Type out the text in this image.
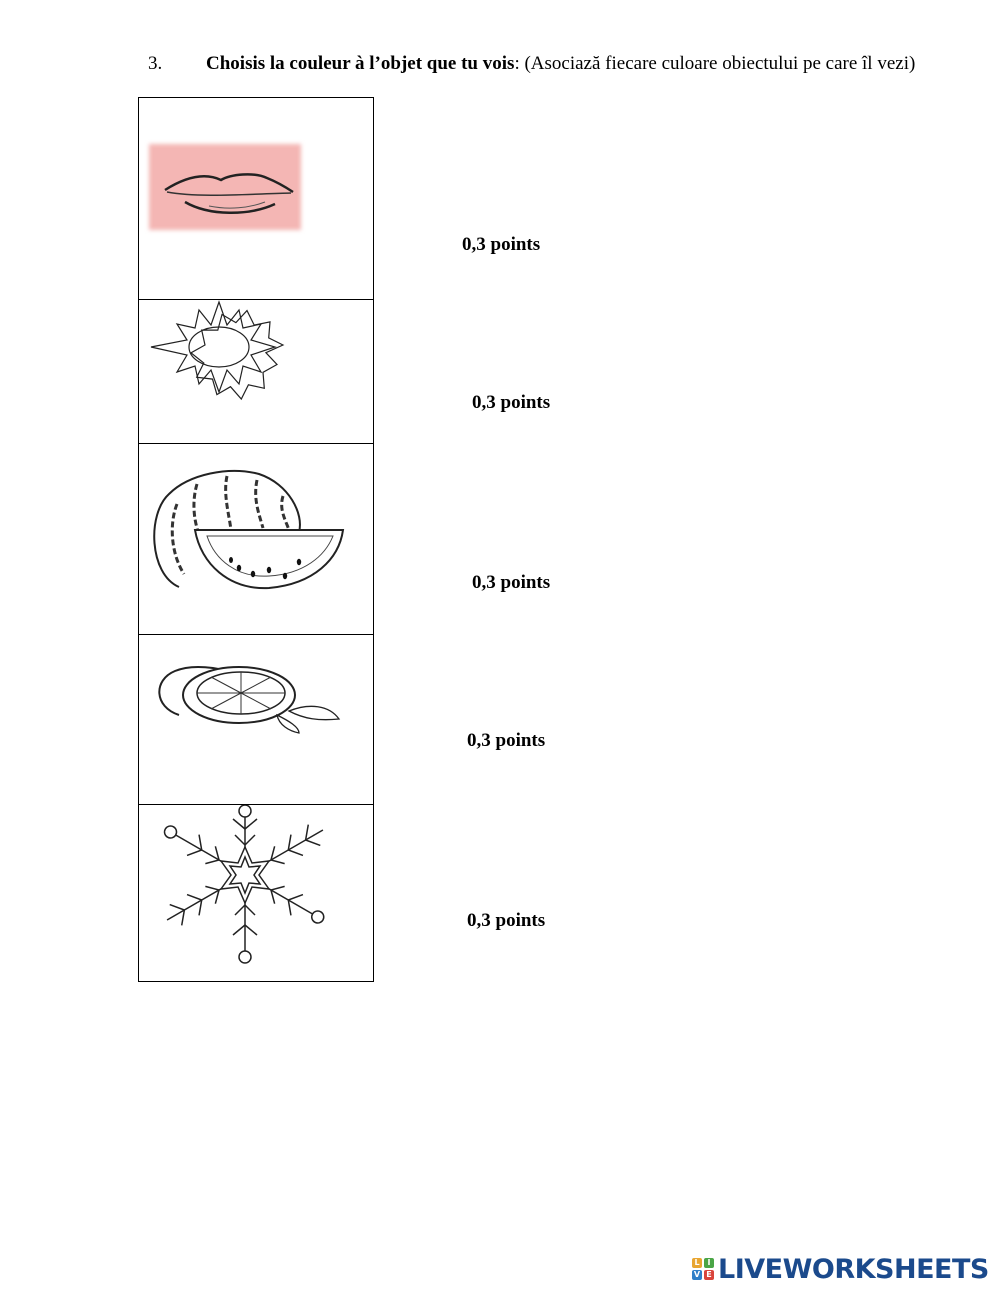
3. Choisis la couleur à l’objet que tu vois: (Asociază fiecare culoare obiectului pe care îl vezi)
0,3 points
0,3 points
0,3 points
0,3 points
0,3 points
L I
V E LIVEWORKSHEETS
